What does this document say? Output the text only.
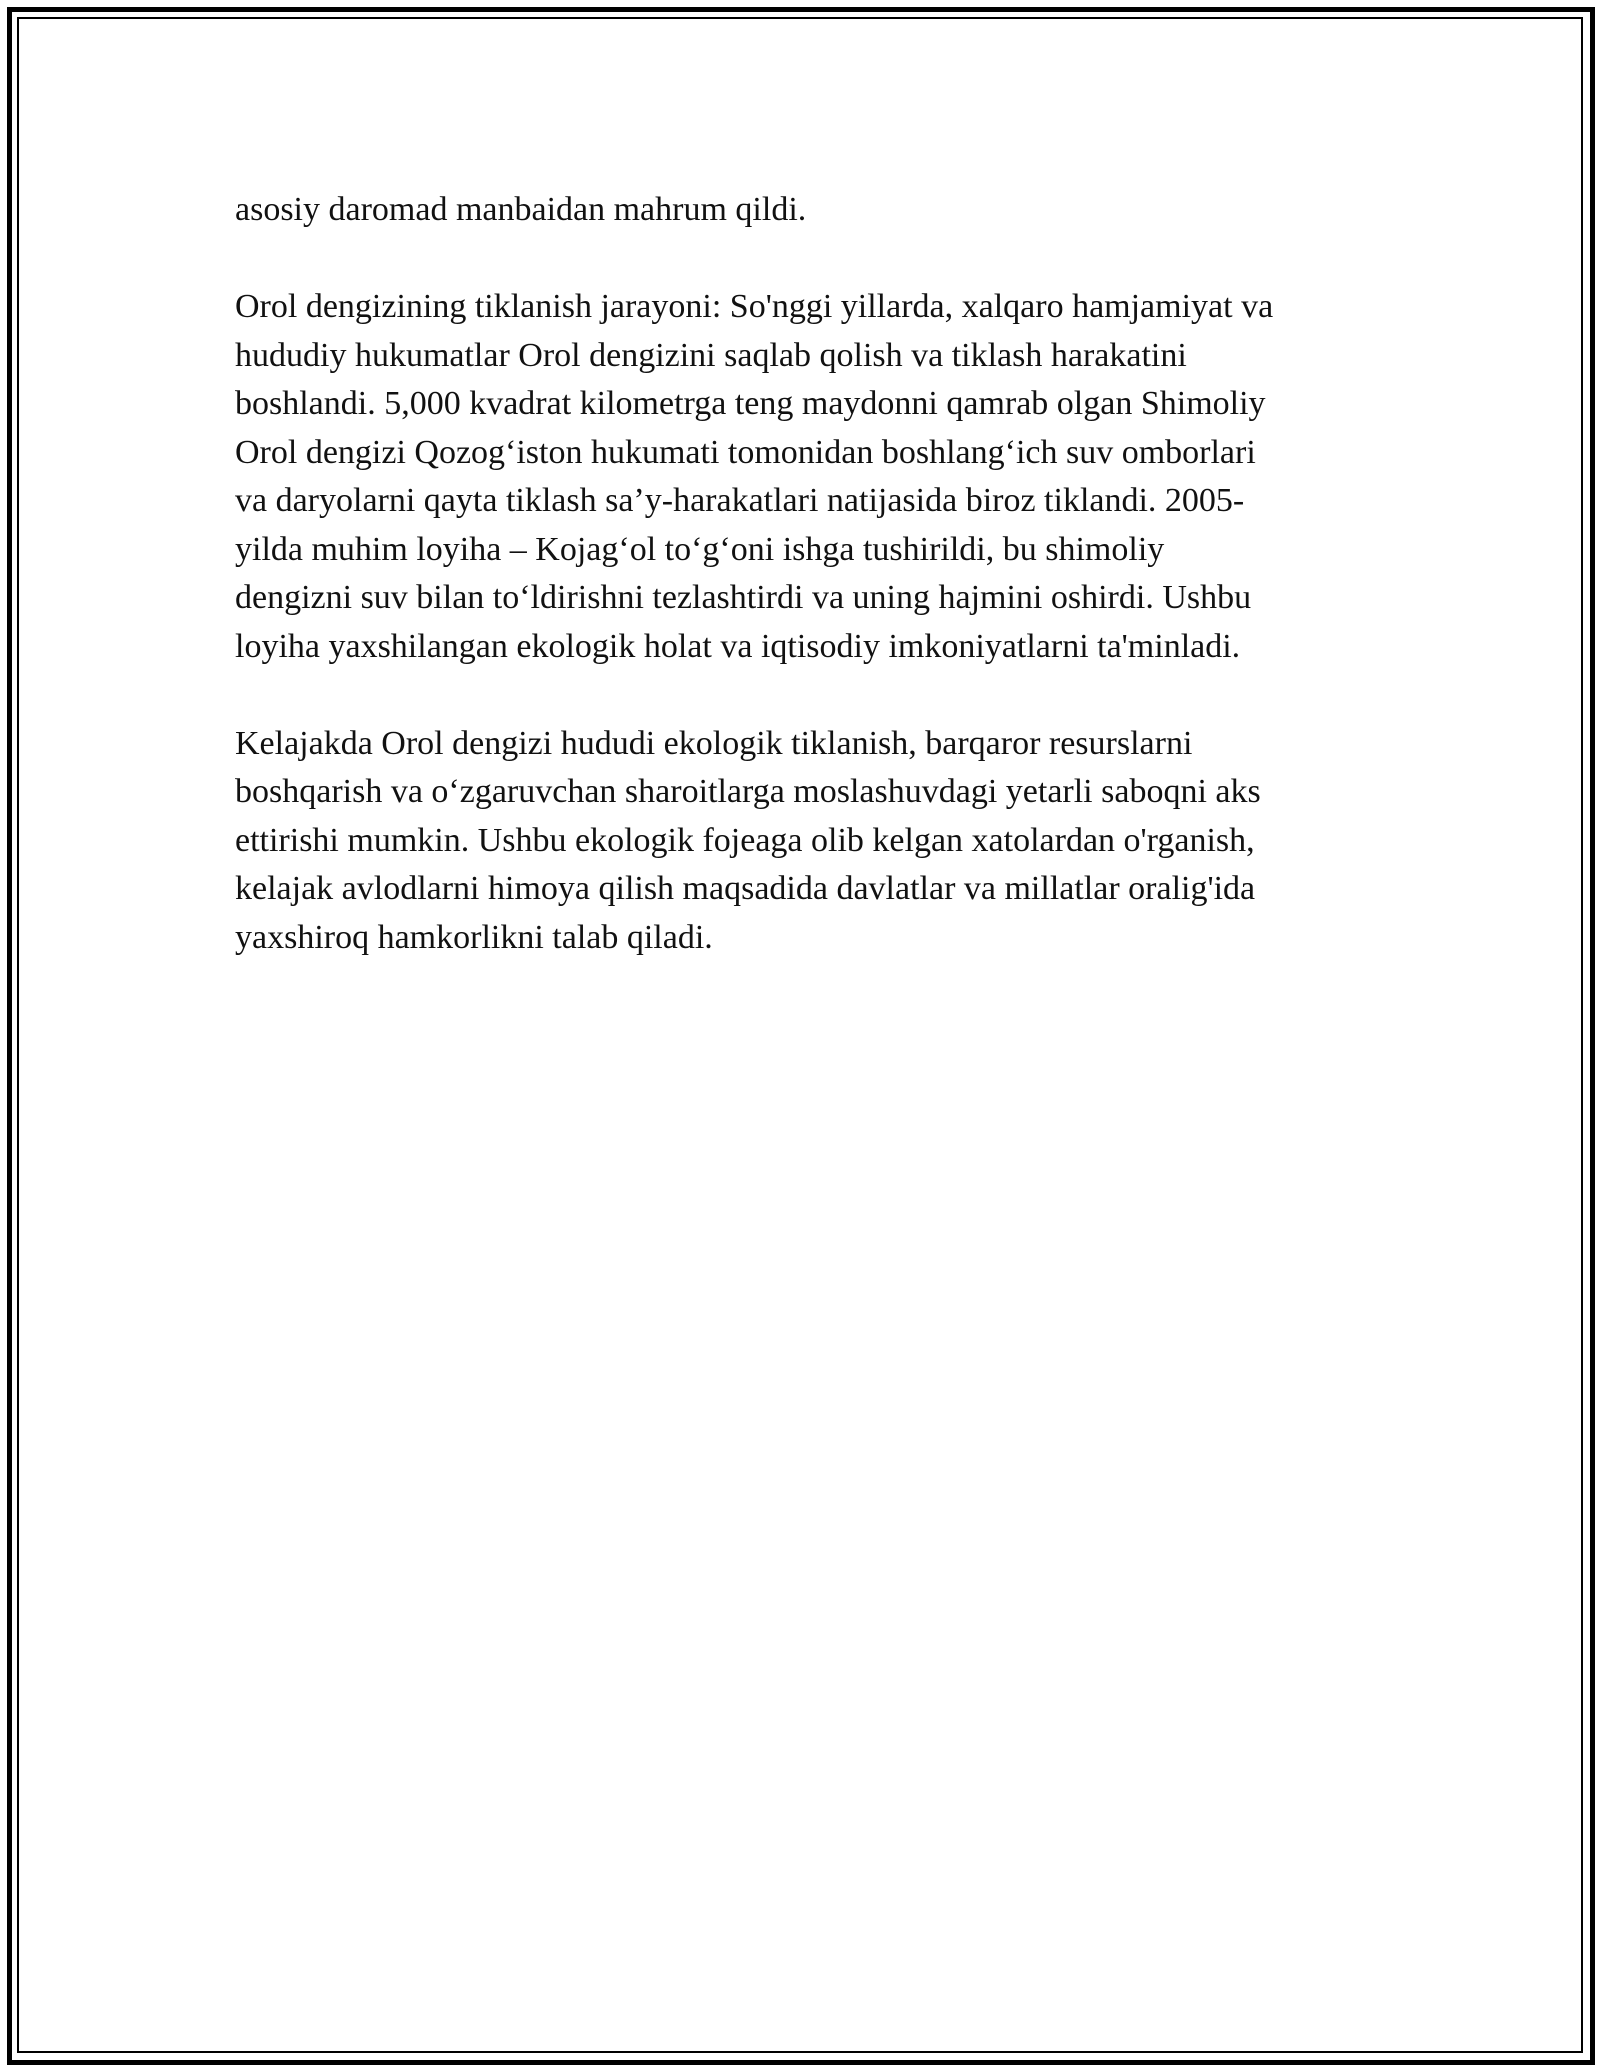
asosiy daromad manbaidan mahrum qildi.

Orol dengizining tiklanish jarayoni: So'nggi yillarda, xalqaro hamjamiyat va
hududiy hukumatlar Orol dengizini saqlab qolish va tiklash harakatini
boshlandi. 5,000 kvadrat kilometrga teng maydonni qamrab olgan Shimoliy
Orol dengizi Qozog‘iston hukumati tomonidan boshlang‘ich suv omborlari
va daryolarni qayta tiklash sa’y-harakatlari natijasida biroz tiklandi. 2005-
yilda muhim loyiha – Kojag‘ol to‘g‘oni ishga tushirildi, bu shimoliy
dengizni suv bilan to‘ldirishni tezlashtirdi va uning hajmini oshirdi. Ushbu
loyiha yaxshilangan ekologik holat va iqtisodiy imkoniyatlarni ta'minladi.

Kelajakda Orol dengizi hududi ekologik tiklanish, barqaror resurslarni
boshqarish va o‘zgaruvchan sharoitlarga moslashuvdagi yetarli saboqni aks
ettirishi mumkin. Ushbu ekologik fojeaga olib kelgan xatolardan o'rganish,
kelajak avlodlarni himoya qilish maqsadida davlatlar va millatlar oralig'ida
yaxshiroq hamkorlikni talab qiladi.
